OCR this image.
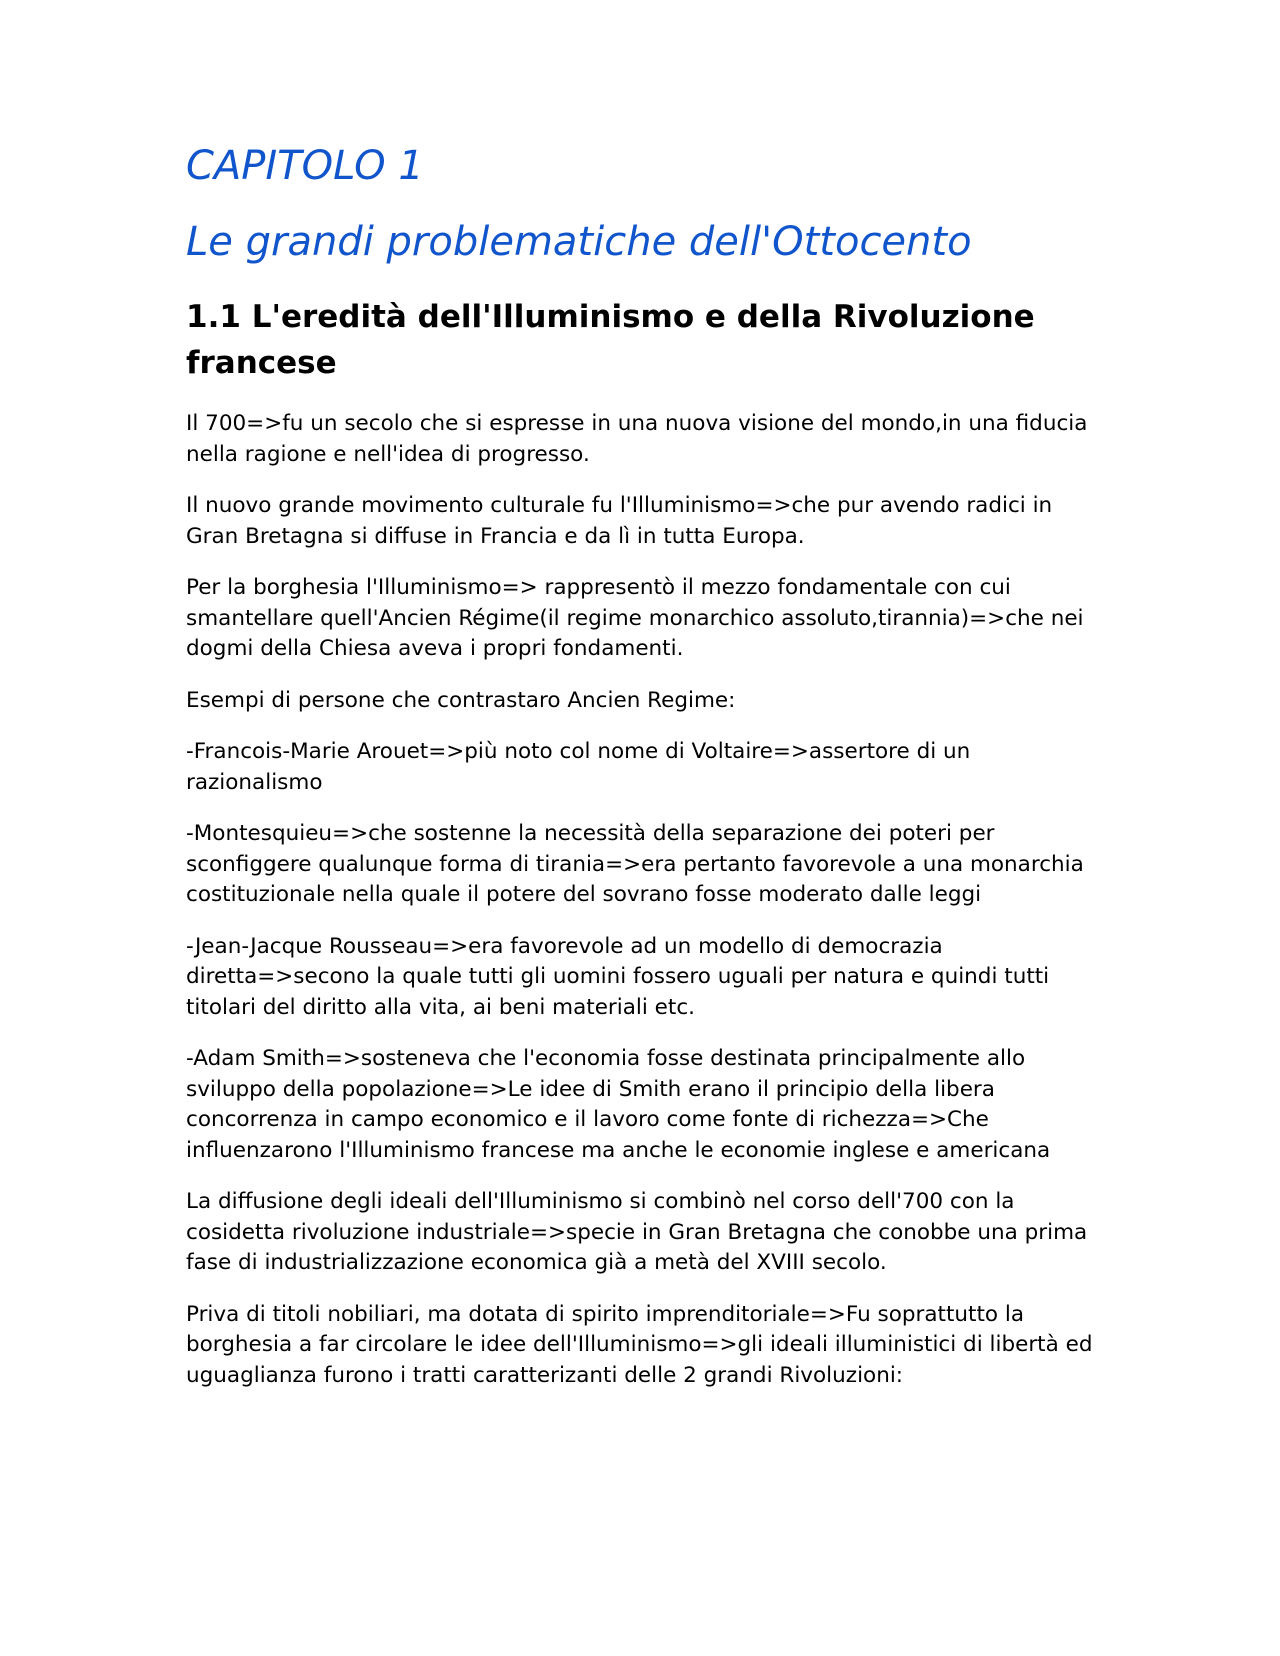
CAPITOLO 1
Le grandi problematiche dell'Ottocento
1.1 L'eredità dell'Illuminismo e della Rivoluzione francese

Il 700=>fu un secolo che si espresse in una nuova visione del mondo,in una fiducia nella ragione e nell'idea di progresso.

Il nuovo grande movimento culturale fu l'Illuminismo=>che pur avendo radici in Gran Bretagna si diffuse in Francia e da lì in tutta Europa.

Per la borghesia l'Illuminismo=> rappresentò il mezzo fondamentale con cui smantellare quell'Ancien Régime(il regime monarchico assoluto,tirannia)=>che nei dogmi della Chiesa aveva i propri fondamenti.

Esempi di persone che contrastaro Ancien Regime:

-Francois-Marie Arouet=>più noto col nome di Voltaire=>assertore di un razionalismo

-Montesquieu=>che sostenne la necessità della separazione dei poteri per sconfiggere qualunque forma di tirania=>era pertanto favorevole a una monarchia costituzionale nella quale il potere del sovrano fosse moderato dalle leggi

-Jean-Jacque Rousseau=>era favorevole ad un modello di democrazia diretta=>secono la quale tutti gli uomini fossero uguali per natura e quindi tutti titolari del diritto alla vita, ai beni materiali etc.

-Adam Smith=>sosteneva che l'economia fosse destinata principalmente allo sviluppo della popolazione=>Le idee di Smith erano il principio della libera concorrenza in campo economico e il lavoro come fonte di richezza=>Che influenzarono l'Illuminismo francese ma anche le economie inglese e americana

La diffusione degli ideali dell'Illuminismo si combinò nel corso dell'700 con la cosidetta rivoluzione industriale=>specie in Gran Bretagna che conobbe una prima fase di industrializzazione economica già a metà del XVIII secolo.

Priva di titoli nobiliari, ma dotata di spirito imprenditoriale=>Fu soprattutto la borghesia a far circolare le idee dell'Illuminismo=>gli ideali illuministici di libertà ed uguaglianza furono i tratti caratterizanti delle 2 grandi Rivoluzioni:
